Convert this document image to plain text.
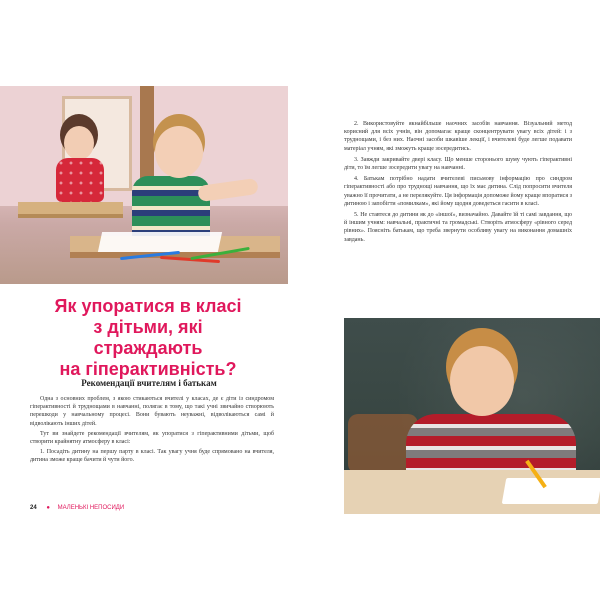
Як упоратися в класі
з дітьми, які страждають
на гіперактивність?
Рекомендації вчителям і батькам

Одна з основних проблем, з якою стикаються вчителі у класах, де є діти із синдромом гіперактивності й труднощами в навчанні, полягає в тому, що такі учні звичайно створюють перешкоди у навчальному процесі. Вони бувають неуважні, відволікаються самі й відволікають інших дітей.

Тут ви знайдете рекомендації вчителям, як упоратися з гіперактивними дітьми, щоб створити крайнятну атмосферу в класі:

1. Посадіть дитину на першу парту в класі. Так увагу учня буде спрямовано на вчителя, дитина зможе краще бачити й чути його.

24 ● МАЛЕНЬКІ НЕПОСИДИ

2. Використовуйте якнайбільше наочних засобів навчання. Візуальний метод корисний для всіх учнів, він допомагає краще сконцентрувати увагу всіх дітей: і з труднощами, і без них. Наочні засоби шкавіше лекції, і вчителеві буде легше подавати матеріал учням, які зможуть краще зосередитись.

3. Завжди закривайте двері класу. Що менше сторонього шуму чують гіперактивні діти, то їм легше зосередити увагу на навчанні.

4. Батькам потрібно надати вчителеві письмову інформацію про синдром гіперактивності або про труднощі навчання, що їх має дитина. Слід попросити вчителя уважно її прочитати, а не перелякуйте. Ця інформація допоможе йому краще впоратися з дитиною і запобігти «помилкам», які йому щодня доведеться гасити в класі.

5. Не ставтеся до дитини як до «іншої», визначайно. Давайте їй ті самі завдання, що й іншим учням: навчальні, практичні та громадські. Створіть атмосферу «рівного серед рівних». Поясніть батькам, що треба звернути особливу увагу на виконання домашніх завдань.
